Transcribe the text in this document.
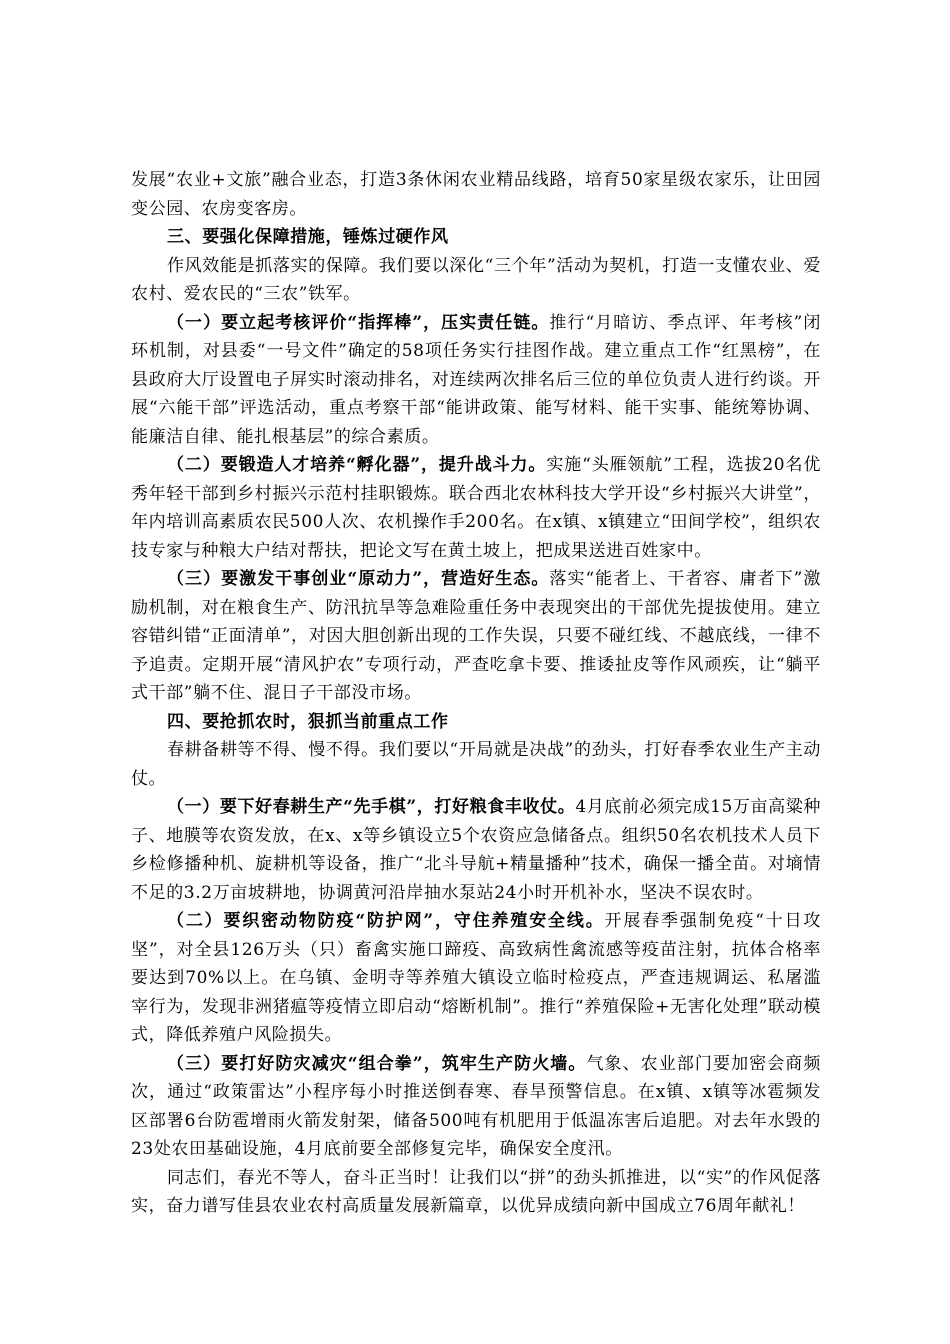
发展“农业+文旅”融合业态，打造3条休闲农业精品线路，培育50家星级农家乐，让田园变公园、农房变客房。

三、要强化保障措施，锤炼过硬作风

作风效能是抓落实的保障。我们要以深化“三个年”活动为契机，打造一支懂农业、爱农村、爱农民的“三农”铁军。

（一）要立起考核评价“指挥棒”，压实责任链。推行“月暗访、季点评、年考核”闭环机制，对县委“一号文件”确定的58项任务实行挂图作战。建立重点工作“红黑榜”，在县政府大厅设置电子屏实时滚动排名，对连续两次排名后三位的单位负责人进行约谈。开展“六能干部”评选活动，重点考察干部“能讲政策、能写材料、能干实事、能统筹协调、能廉洁自律、能扎根基层”的综合素质。

（二）要锻造人才培养“孵化器”，提升战斗力。实施“头雁领航”工程，选拔20名优秀年轻干部到乡村振兴示范村挂职锻炼。联合西北农林科技大学开设“乡村振兴大讲堂”，年内培训高素质农民500人次、农机操作手200名。在x镇、x镇建立“田间学校”，组织农技专家与种粮大户结对帮扶，把论文写在黄土坡上，把成果送进百姓家中。

（三）要激发干事创业“原动力”，营造好生态。落实“能者上、干者容、庸者下”激励机制，对在粮食生产、防汛抗旱等急难险重任务中表现突出的干部优先提拔使用。建立容错纠错“正面清单”，对因大胆创新出现的工作失误，只要不碰红线、不越底线，一律不予追责。定期开展“清风护农”专项行动，严查吃拿卡要、推诿扯皮等作风顽疾，让“躺平式干部”躺不住、混日子干部没市场。

四、要抢抓农时，狠抓当前重点工作

春耕备耕等不得、慢不得。我们要以“开局就是决战”的劲头，打好春季农业生产主动仗。

（一）要下好春耕生产“先手棋”，打好粮食丰收仗。4月底前必须完成15万亩高粱种子、地膜等农资发放，在x、x等乡镇设立5个农资应急储备点。组织50名农机技术人员下乡检修播种机、旋耕机等设备，推广“北斗导航+精量播种”技术，确保一播全苗。对墒情不足的3.2万亩坡耕地，协调黄河沿岸抽水泵站24小时开机补水，坚决不误农时。

（二）要织密动物防疫“防护网”，守住养殖安全线。开展春季强制免疫“十日攻坚”，对全县126万头（只）畜禽实施口蹄疫、高致病性禽流感等疫苗注射，抗体合格率要达到70%以上。在乌镇、金明寺等养殖大镇设立临时检疫点，严查违规调运、私屠滥宰行为，发现非洲猪瘟等疫情立即启动“熔断机制”。推行“养殖保险+无害化处理”联动模式，降低养殖户风险损失。

（三）要打好防灾减灾“组合拳”，筑牢生产防火墙。气象、农业部门要加密会商频次，通过“政策雷达”小程序每小时推送倒春寒、春旱预警信息。在x镇、x镇等冰雹频发区部署6台防雹增雨火箭发射架，储备500吨有机肥用于低温冻害后追肥。对去年水毁的23处农田基础设施，4月底前要全部修复完毕，确保安全度汛。

同志们，春光不等人，奋斗正当时！让我们以“拼”的劲头抓推进，以“实”的作风促落实，奋力谱写佳县农业农村高质量发展新篇章，以优异成绩向新中国成立76周年献礼！
